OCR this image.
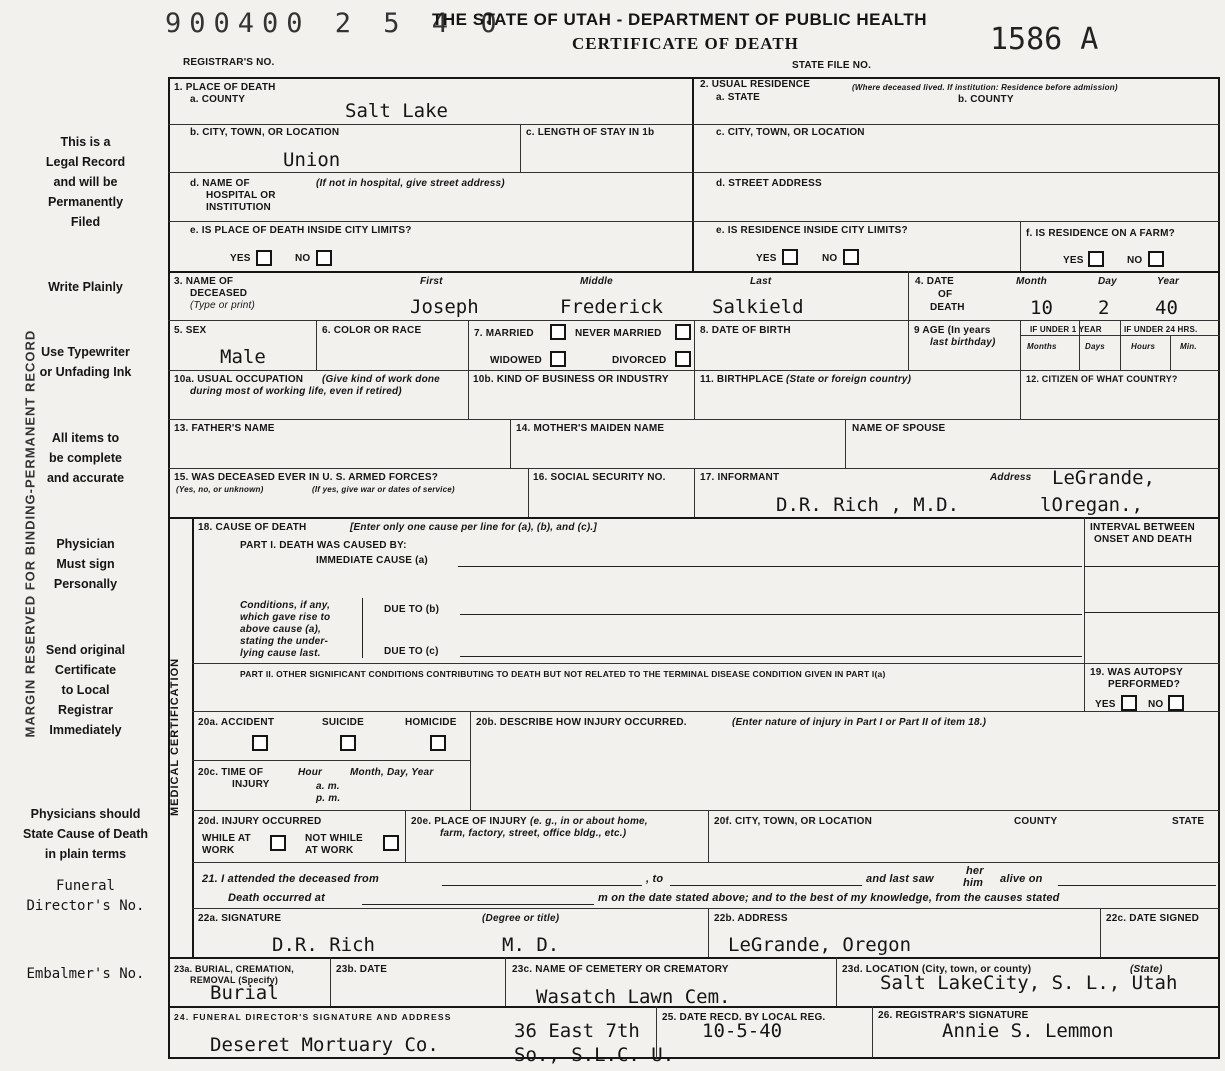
900400 2 5 4 0
THE STATE OF UTAH - DEPARTMENT OF PUBLIC HEALTH
CERTIFICATE OF DEATH	1586 A
REGISTRAR'S NO.	STATE FILE NO.
MARGIN RESERVED FOR BINDING-PERMANENT RECORD
This is a
Legal Record
and will be
Permanently
Filed
Write Plainly
Use Typewriter
or Unfading Ink
All items to
be complete
and accurate
Physician
Must sign
Personally
Send original
Certificate
to Local
Registrar
Immediately
Physicians should
State Cause of Death
in plain terms
Funeral
Director's No.
Embalmer's No.
1. PLACE OF DEATH
a. COUNTY
Salt Lake
b. CITY, TOWN, OR LOCATION
Union
c. LENGTH OF STAY IN 1b
d. NAME OF
HOSPITAL OR
INSTITUTION
(If not in hospital, give street address)
e. IS PLACE OF DEATH INSIDE CITY LIMITS?
YES	NO
2. USUAL RESIDENCE	(Where deceased lived. If institution: Residence before admission)
a. STATE	b. COUNTY
c. CITY, TOWN, OR LOCATION
d. STREET ADDRESS
e. IS RESIDENCE INSIDE CITY LIMITS?
YES	NO
f. IS RESIDENCE ON A FARM?
YES	NO
3. NAME OF
DECEASED
(Type or print)
First	Middle	Last
Joseph	Frederick	Salkield
4. DATE
OF
DEATH
Month	Day	Year
10 2 40
5. SEX
Male
6. COLOR OR RACE	7. MARRIED	NEVER MARRIED
WIDOWED	DIVORCED
8. DATE OF BIRTH	9 AGE (In years
last birthday)
IF UNDER 1 YEAR	IF UNDER 24 HRS.
Months	Days	Hours	Min.
10a. USUAL OCCUPATION (Give kind of work done
during most of working life, even if retired)
10b. KIND OF BUSINESS OR INDUSTRY	11. BIRTHPLACE (State or foreign country)	12. CITIZEN OF WHAT COUNTRY?
13. FATHER'S NAME	14. MOTHER'S MAIDEN NAME	NAME OF SPOUSE
15. WAS DECEASED EVER IN U. S. ARMED FORCES?
(Yes, no, or unknown)	(If yes, give war or dates of service)
16. SOCIAL SECURITY NO.	17. INFORMANT	Address LeGrande,
D.R. Rich , M.D.	lOregan.,
MEDICAL CERTIFICATION
18. CAUSE OF DEATH	[Enter only one cause per line for (a), (b), and (c).]
PART I. DEATH WAS CAUSED BY:
IMMEDIATE CAUSE (a)
INTERVAL BETWEEN
ONSET AND DEATH
Conditions, if any,
which gave rise to
above cause (a),
stating the under-
lying cause last.
DUE TO (b)
DUE TO (c)
PART II. OTHER SIGNIFICANT CONDITIONS CONTRIBUTING TO DEATH BUT NOT RELATED TO THE TERMINAL DISEASE CONDITION GIVEN IN PART I(a)	19. WAS AUTOPSY
PERFORMED?
YES	NO
20a. ACCIDENT	SUICIDE	HOMICIDE 20b. DESCRIBE HOW INJURY OCCURRED.	(Enter nature of injury in Part I or Part II of item 18.)
20c. TIME OF
INJURY
Hour	Month, Day, Year
a. m.
p. m.
20d. INJURY OCCURRED
WHILE AT
WORK
NOT WHILE
AT WORK
20e. PLACE OF INJURY (e. g., in or about home,
farm, factory, street, office bldg., etc.)
20f. CITY, TOWN, OR LOCATION	COUNTY	STATE
21. I attended the deceased from	, to	and last saw
her
him alive on
Death occurred at	m on the date stated above; and to the best of my knowledge, from the causes stated
22a. SIGNATURE	(Degree or title)
D.R. Rich	M. D.
22b. ADDRESS
LeGrande, Oregon
22c. DATE SIGNED
23a. BURIAL, CREMATION,
REMOVAL (Specify)
Burial
23b. DATE	23c. NAME OF CEMETERY OR CREMATORY
Wasatch Lawn Cem.
23d. LOCATION (City, town, or county)	(State)
Salt LakeCity, S. L., Utah
24. FUNERAL DIRECTOR'S SIGNATURE AND ADDRESS
Deseret Mortuary Co.
36 East 7th
So., S.L.C. U.
25. DATE RECD. BY LOCAL REG.
10-5-40
26. REGISTRAR'S SIGNATURE
Annie S. Lemmon
